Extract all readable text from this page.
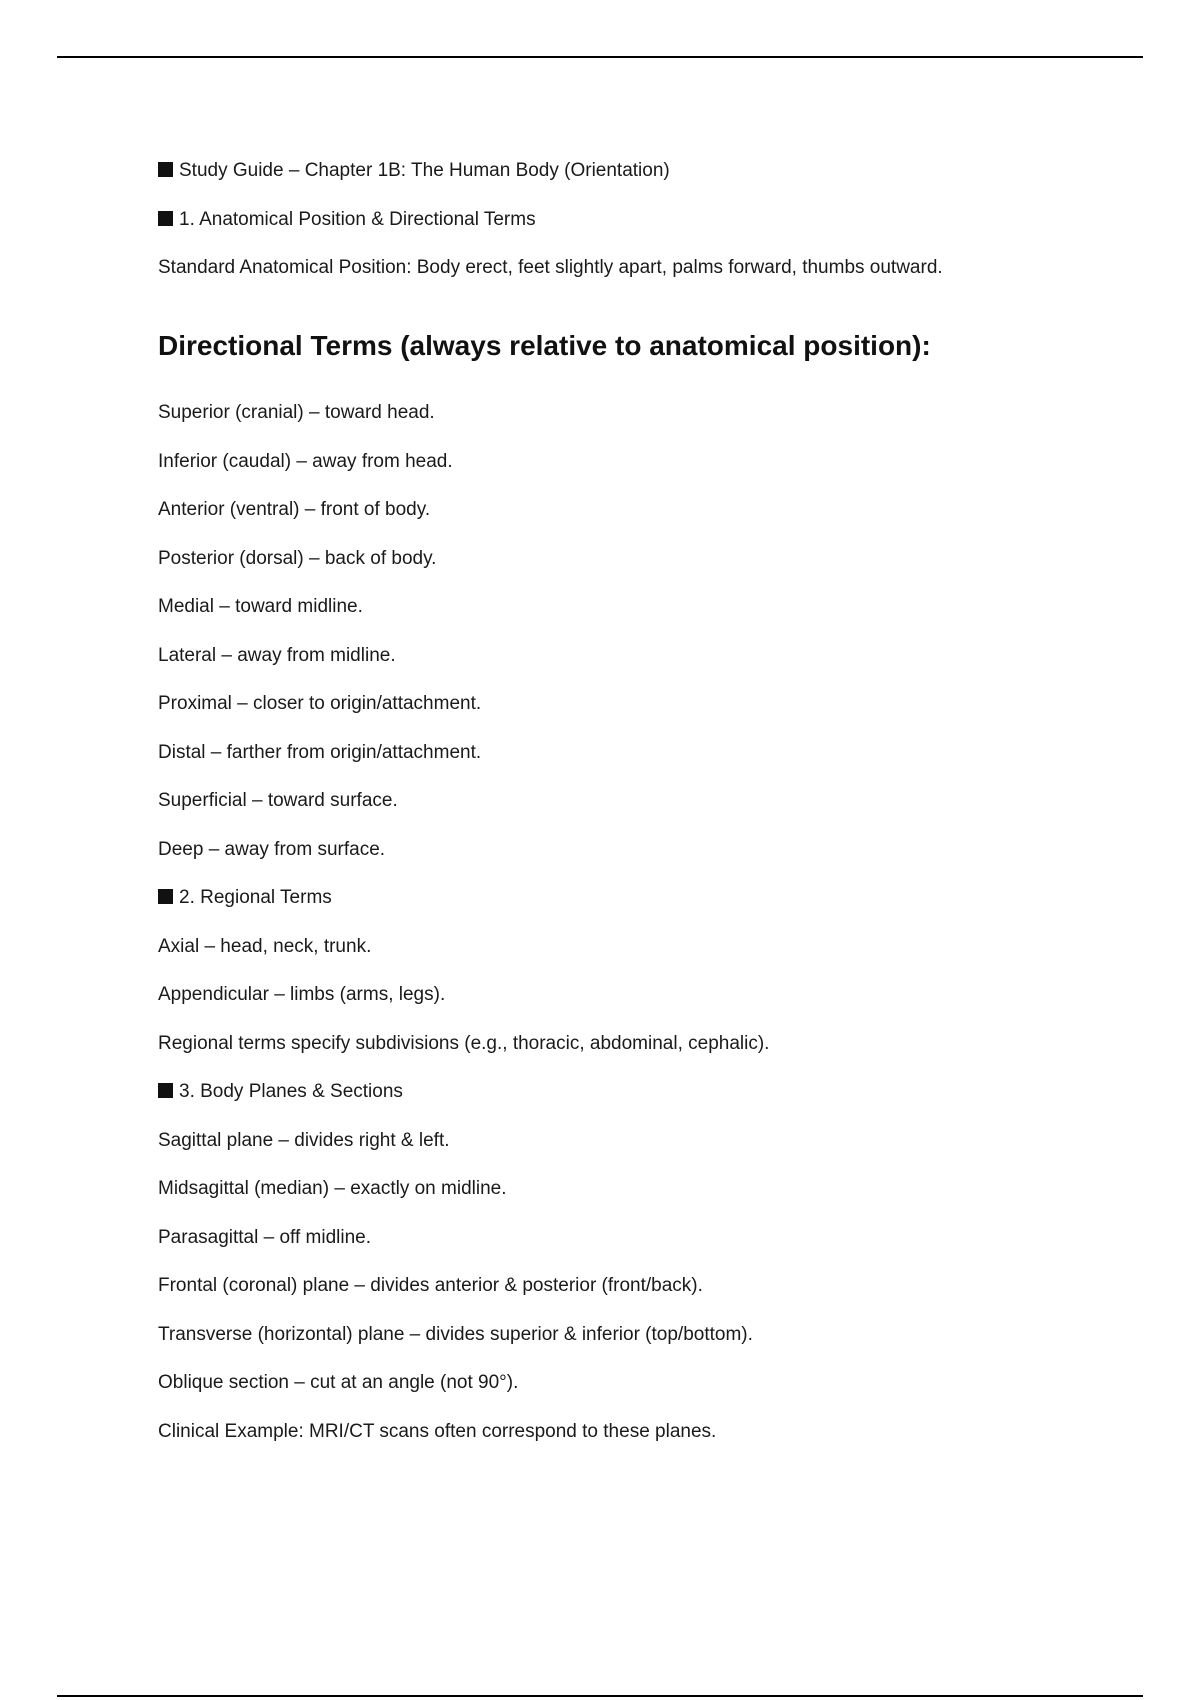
Study Guide – Chapter 1B: The Human Body (Orientation)
1. Anatomical Position & Directional Terms
Standard Anatomical Position: Body erect, feet slightly apart, palms forward, thumbs outward.
Directional Terms (always relative to anatomical position):
Superior (cranial) – toward head.
Inferior (caudal) – away from head.
Anterior (ventral) – front of body.
Posterior (dorsal) – back of body.
Medial – toward midline.
Lateral – away from midline.
Proximal – closer to origin/attachment.
Distal – farther from origin/attachment.
Superficial – toward surface.
Deep – away from surface.
2. Regional Terms
Axial – head, neck, trunk.
Appendicular – limbs (arms, legs).
Regional terms specify subdivisions (e.g., thoracic, abdominal, cephalic).
3. Body Planes & Sections
Sagittal plane – divides right & left.
Midsagittal (median) – exactly on midline.
Parasagittal – off midline.
Frontal (coronal) plane – divides anterior & posterior (front/back).
Transverse (horizontal) plane – divides superior & inferior (top/bottom).
Oblique section – cut at an angle (not 90°).
Clinical Example: MRI/CT scans often correspond to these planes.
